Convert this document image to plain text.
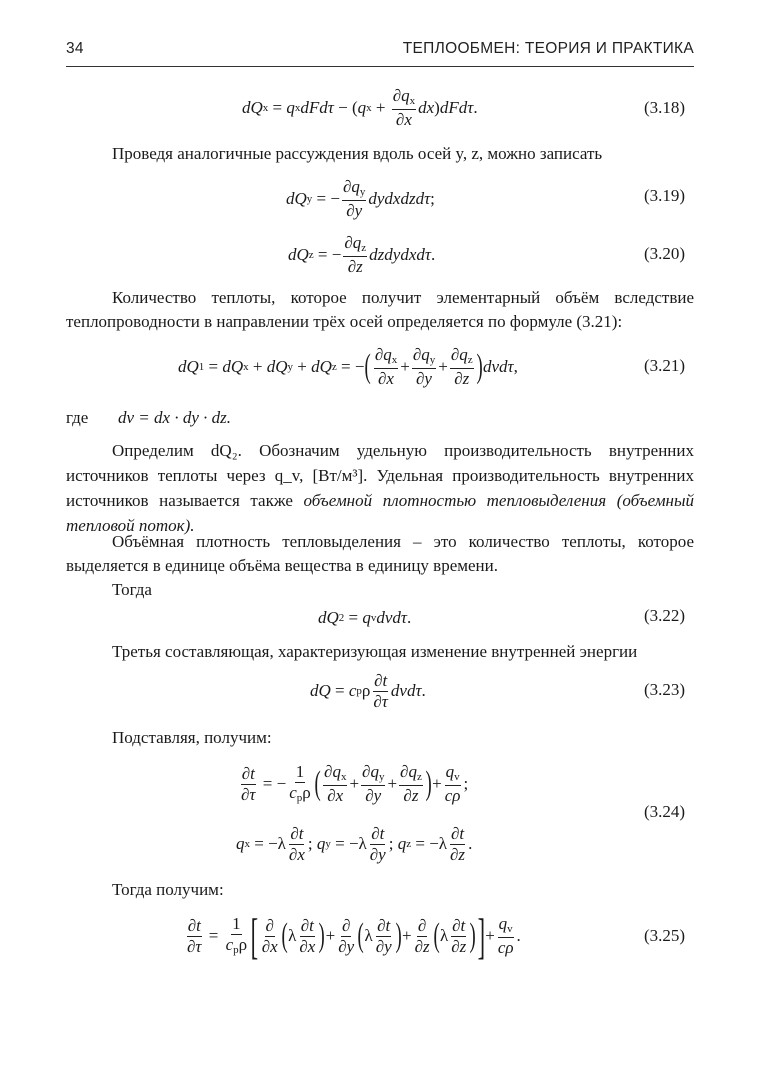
34	ТЕПЛООБМЕН: ТЕОРИЯ И ПРАКТИКА
dQ x = q x dFd τ − ( q $x + \frac{\partial q_x}{\partial x}$ dx ) dFd τ .	(3.18)
Проведя аналогичные рассуждения вдоль осей y, z, можно записать
dQ y = − $\frac{\partial q_y}{\partial y}$ dydxdzdτ ;	(3.19)
dQ z = − $\frac{\partial q_z}{\partial z}$ dzdydxdτ .	(3.20)
Количество теплоты, которое получит элементарный объём вследствие теплопроводности в направлении трёх осей определяется по формуле (3.21):
dQ 1 = dQ x + dQ y + dQ z = − ( $\partial q_x$
∂x
+ $\frac{\partial q_y}{\partial y} + \frac{\partial q_z}{\partial z}$ ) dvdτ ,	(3.21)
где dv = dx · dy · dz.
Определим dQ₂. Обозначим удельную производительность внутренних источников теплоты через q_v, [Вт/м³]. Удельная производительность внутренних источников называется также объемной плотностью тепловыделения (объемный тепловой поток).
Объёмная плотность тепловыделения – это количество теплоты, которое выделяется в единице объёма вещества в единицу времени.
Тогда
dQ 2 = q v dvdτ .	(3.22)
Третья составляющая, характеризующая изменение внутренней энергии
dQ = c p ρ
∂t
∂τ
dvdτ .	(3.23)
Подставляя, получим:
$\frac{\partial t}{\partial\tau}$ = −
1
$c_p\rho$ ( $\partial q_x$
∂x
+ $\frac{\partial q_y}{\partial y} + \frac{\partial q_z}{\partial z}$ ) + $\frac{q_v}{c\rho}$ ;
q x = −λ
∂t
∂x
; q y = −λ
∂t
∂y
; q z = −λ
∂t
∂z
.
(3.24)
Тогда получим:
$\frac{\partial t}{\partial\tau}$ =
1
$c_p\rho$ [ ∂
∂x ( λ
∂t
∂x ) +
∂
∂y ( λ
∂t
∂y ) +
∂
∂z ( λ
∂t
∂z ) ] + $\frac{q_v}{c\rho}$ .	(3.25)
